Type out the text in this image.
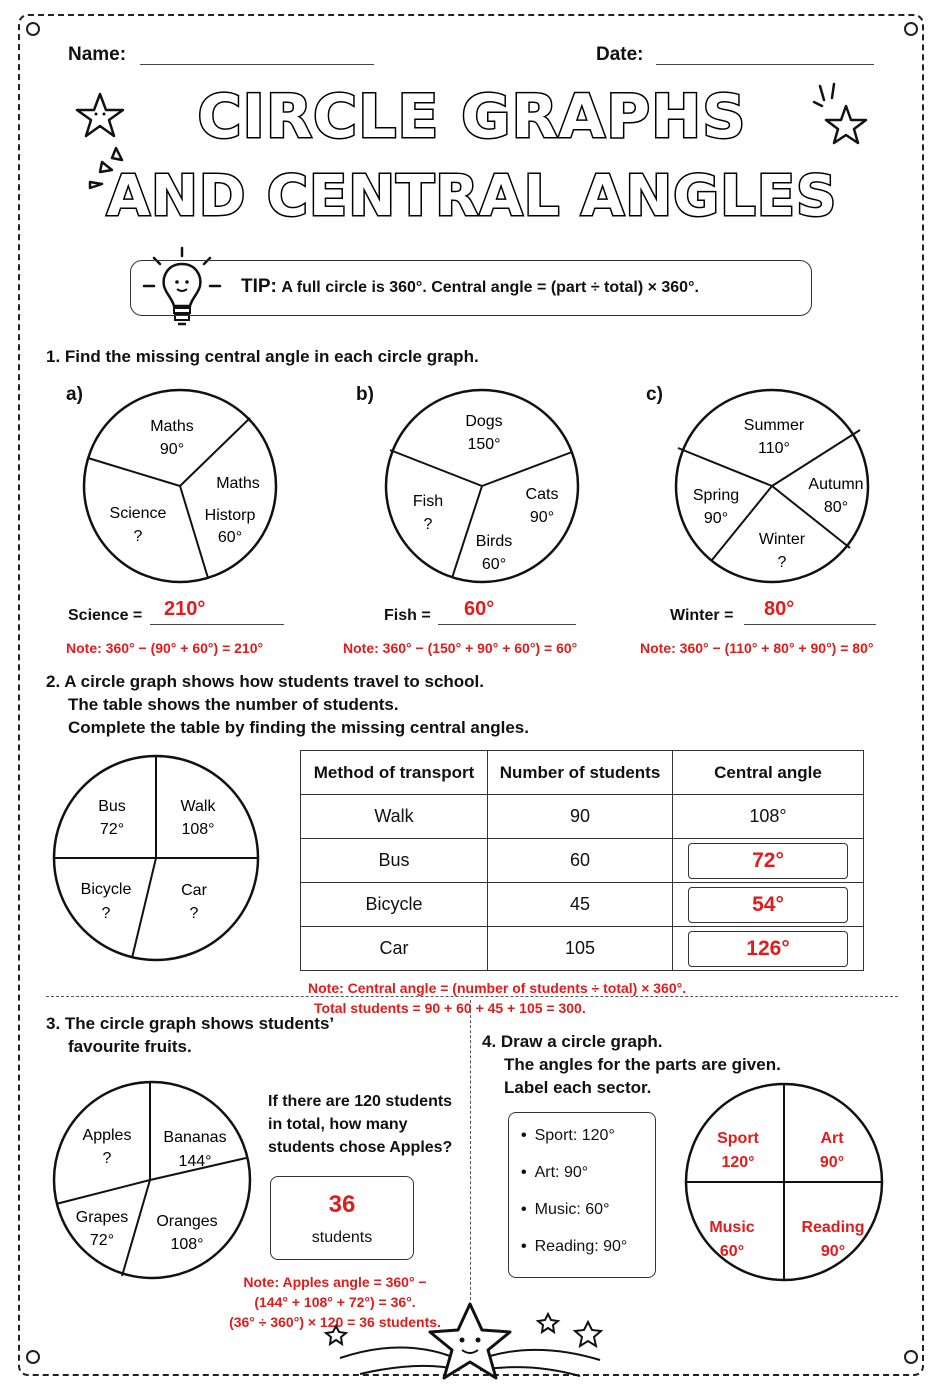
Name:	Date:
CIRCLE GRAPHS
AND CENTRAL ANGLES
TIP: A full circle is 360°. Central angle = (part ÷ total) × 360°.
1. Find the missing central angle in each circle graph.
a)	b)	c)
Maths
90°
Maths
Historp
60°
Science
?
Dogs
150°
Cats
90°
Birds
60°
Fish
?
Summer
110°
Autumn
80°
Winter
?
Spring
90°
Science = 210°
Note: 360° − (90° + 60°) = 210°
Fish = 60°
Note: 360° − (150° + 90° + 60°) = 60°
Winter = 80°
Note: 360° − (110° + 80° + 90°) = 80°
2. A circle graph shows how students travel to school.
The table shows the number of students.
Complete the table by finding the missing central angles.
Bus
72°
Walk
108°
Bicycle
?
Car
?
Method of transport	Number of students	Central angle
Walk	90	108°
Bus	60	72°
Bicycle	45	54°
Car	105	126°
Note: Central angle = (number of students ÷ total) × 360°.
Total students = 90 + 60 + 45 + 105 = 300.
3. The circle graph shows students’
favourite fruits.
Apples
?
Bananas
144°
Grapes
72°
Oranges
108°
If there are 120 students
in total, how many
students chose Apples?
36
students
Note: Apples angle = 360° −
(144° + 108° + 72°) = 36°.
(36° ÷ 360°) × 120 = 36 students.
4. Draw a circle graph.
The angles for the parts are given.
Label each sector.
• Sport: 120°
• Art: 90°
• Music: 60°
• Reading: 90°
Sport
120°
Art
90°
Music
60°
Reading
90°
